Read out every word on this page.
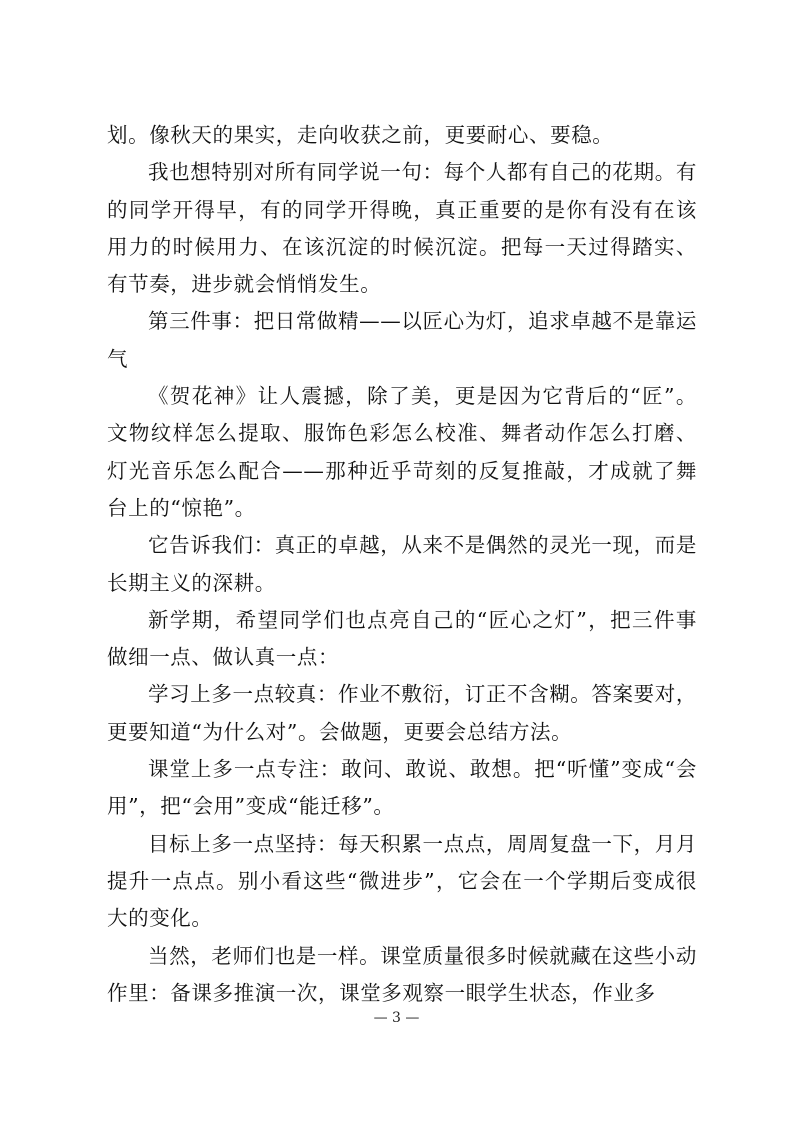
划。像秋天的果实，走向收获之前，更要耐心、要稳。

我也想特别对所有同学说一句：每个人都有自己的花期。有的同学开得早，有的同学开得晚，真正重要的是你有没有在该用力的时候用力、在该沉淀的时候沉淀。把每一天过得踏实、有节奏，进步就会悄悄发生。

第三件事：把日常做精——以匠心为灯，追求卓越不是靠运气

《贺花神》让人震撼，除了美，更是因为它背后的“匠”。文物纹样怎么提取、服饰色彩怎么校准、舞者动作怎么打磨、灯光音乐怎么配合——那种近乎苛刻的反复推敲，才成就了舞台上的“惊艳”。

它告诉我们：真正的卓越，从来不是偶然的灵光一现，而是长期主义的深耕。

新学期，希望同学们也点亮自己的“匠心之灯”，把三件事做细一点、做认真一点：

学习上多一点较真：作业不敷衍，订正不含糊。答案要对，更要知道“为什么对”。会做题，更要会总结方法。

课堂上多一点专注：敢问、敢说、敢想。把“听懂”变成“会用”，把“会用”变成“能迁移”。

目标上多一点坚持：每天积累一点点，周周复盘一下，月月提升一点点。别小看这些“微进步”，它会在一个学期后变成很大的变化。

当然，老师们也是一样。课堂质量很多时候就藏在这些小动作里：备课多推演一次，课堂多观察一眼学生状态，作业多

— 3 —
